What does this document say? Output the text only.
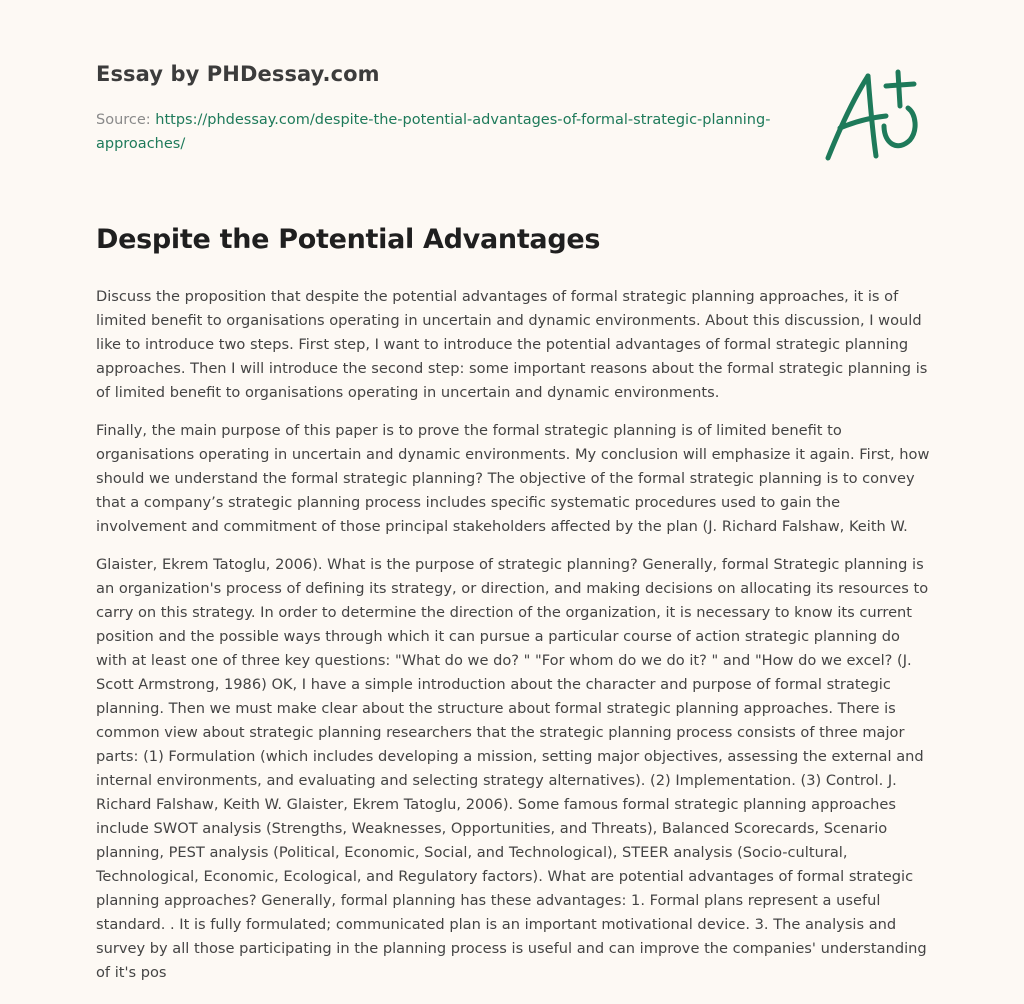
Essay by PHDessay.com
Source: https://phdessay.com/despite-the-potential-advantages-of-formal-strategic-planning-approaches/
Despite the Potential Advantages

Discuss the proposition that despite the potential advantages of formal strategic planning approaches, it is of limited benefit to organisations operating in uncertain and dynamic environments. About this discussion, I would like to introduce two steps. First step, I want to introduce the potential advantages of formal strategic planning approaches. Then I will introduce the second step: some important reasons about the formal strategic planning is of limited benefit to organisations operating in uncertain and dynamic environments.

Finally, the main purpose of this paper is to prove the formal strategic planning is of limited benefit to organisations operating in uncertain and dynamic environments. My conclusion will emphasize it again. First, how should we understand the formal strategic planning? The objective of the formal strategic planning is to convey that a company’s strategic planning process includes specific systematic procedures used to gain the involvement and commitment of those principal stakeholders affected by the plan (J. Richard Falshaw, Keith W.

Glaister, Ekrem Tatoglu, 2006). What is the purpose of strategic planning? Generally, formal Strategic planning is an organization's process of defining its strategy, or direction, and making decisions on allocating its resources to carry on this strategy. In order to determine the direction of the organization, it is necessary to know its current position and the possible ways through which it can pursue a particular course of action strategic planning do with at least one of three key questions: "What do we do? " "For whom do we do it? " and "How do we excel? (J. Scott Armstrong, 1986) OK, I have a simple introduction about the character and purpose of formal strategic planning. Then we must make clear about the structure about formal strategic planning approaches. There is common view about strategic planning researchers that the strategic planning process consists of three major parts: (1) Formulation (which includes developing a mission, setting major objectives, assessing the external and internal environments, and evaluating and selecting strategy alternatives). (2) Implementation. (3) Control. J. Richard Falshaw, Keith W. Glaister, Ekrem Tatoglu, 2006). Some famous formal strategic planning approaches include SWOT analysis (Strengths, Weaknesses, Opportunities, and Threats), Balanced Scorecards, Scenario planning, PEST analysis (Political, Economic, Social, and Technological), STEER analysis (Socio-cultural, Technological, Economic, Ecological, and Regulatory factors). What are potential advantages of formal strategic planning approaches? Generally, formal planning has these advantages: 1. Formal plans represent a useful standard. . It is fully formulated; communicated plan is an important motivational device. 3. The analysis and survey by all those participating in the planning process is useful and can improve the companies' understanding of it's pos
